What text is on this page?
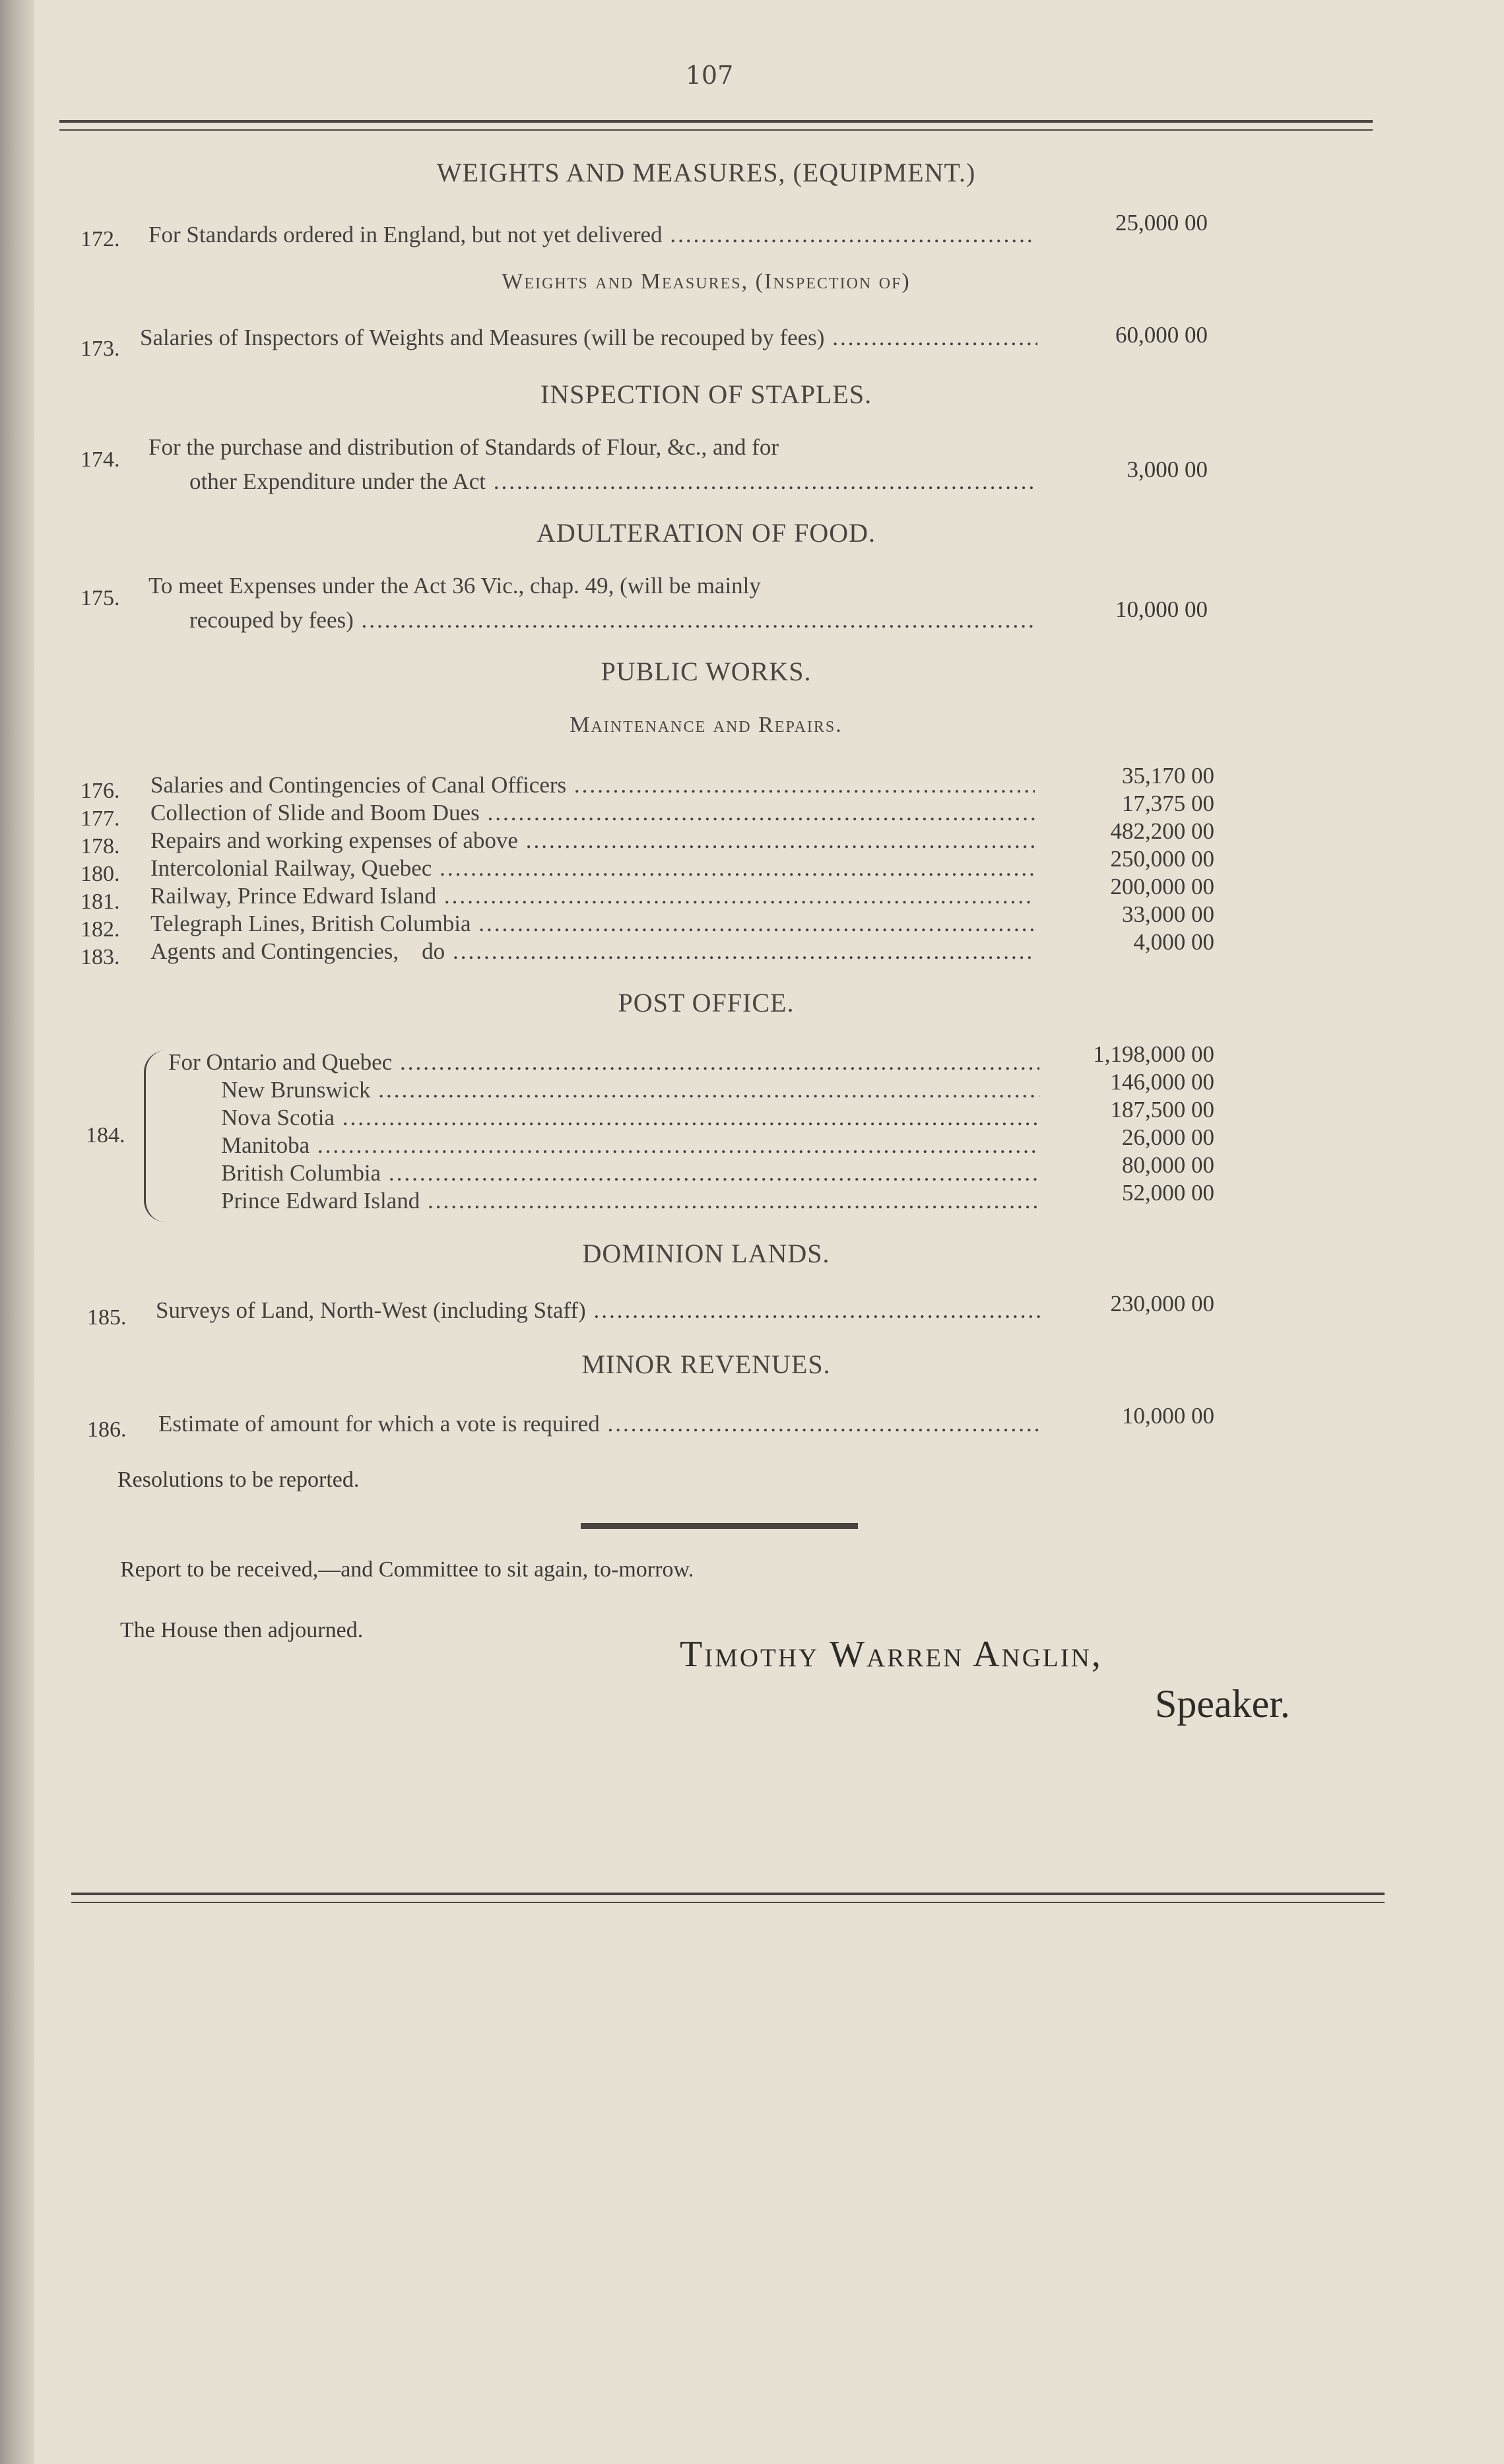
107
WEIGHTS AND MEASURES, (EQUIPMENT.)
172.	For Standards ordered in England, but not yet delivered .....	25,000 00
Weights and Measures, (Inspection of)
173. Salaries of Inspectors of Weights and Measures (will be recouped by fees) .....	60,000 00
INSPECTION OF STAPLES.
174.	For the purchase and distribution of Standards of Flour, &c., and for
other Expenditure under the Act .....	3,000 00
ADULTERATION OF FOOD.
175.	To meet Expenses under the Act 36 Vic., chap. 49, (will be mainly
recouped by fees) .....	10,000 00
PUBLIC WORKS.
Maintenance and Repairs.
176.	Salaries and Contingencies of Canal Officers .....	35,170 00
177.	Collection of Slide and Boom Dues .....	17,375 00
178.	Repairs and working expenses of above .....	482,200 00
180.	Intercolonial Railway, Quebec .....	250,000 00
181.	Railway, Prince Edward Island .....	200,000 00
182.	Telegraph Lines, British Columbia .....	33,000 00
183.	Agents and Contingencies,    do .....	4,000 00
POST OFFICE.
184.
For Ontario and Quebec .....	1,198,000 00
New Brunswick .....	146,000 00
Nova Scotia .....	187,500 00
Manitoba .....	26,000 00
British Columbia .....	80,000 00
Prince Edward Island .....	52,000 00
DOMINION LANDS.
185.	Surveys of Land, North-West (including Staff) .....	230,000 00
MINOR REVENUES.
186.	Estimate of amount for which a vote is required .....	10,000 00
Resolutions to be reported.
Report to be received,—and Committee to sit again, to-morrow.
The House then adjourned.
Timothy Warren Anglin,
Speaker.
